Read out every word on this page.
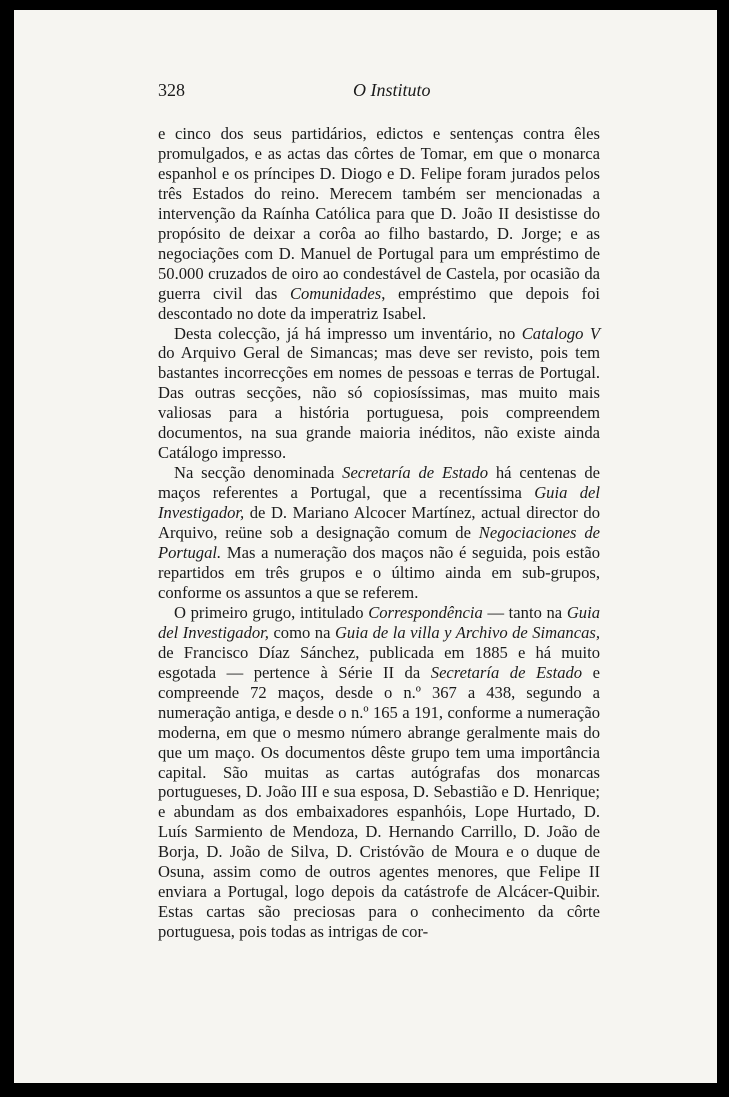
328	O Instituto

e cinco dos seus partidários, edictos e sentenças contra êles promulgados, e as actas das côrtes de Tomar, em que o monarca espanhol e os príncipes D. Diogo e D. Felipe foram jurados pelos três Estados do reino. Merecem também ser mencionadas a intervenção da Raínha Católica para que D. João II desistisse do propósito de deixar a corôa ao filho bastardo, D. Jorge; e as negociações com D. Manuel de Portugal para um empréstimo de 50.000 cruzados de oiro ao condestável de Castela, por ocasião da guerra civil das Comunidades, empréstimo que depois foi descontado no dote da imperatriz Isabel.

Desta colecção, já há impresso um inventário, no Catalogo V do Arquivo Geral de Simancas; mas deve ser revisto, pois tem bastantes incorrecções em nomes de pessoas e terras de Portugal. Das outras secções, não só copiosíssimas, mas muito mais valiosas para a história portuguesa, pois compreendem documentos, na sua grande maioria inéditos, não existe ainda Catálogo impresso.

Na secção denominada Secretaría de Estado há centenas de maços referentes a Portugal, que a recentíssima Guia del Investigador, de D. Mariano Alcocer Martínez, actual director do Arquivo, reüne sob a designação comum de Negociaciones de Portugal. Mas a numeração dos maços não é seguida, pois estão repartidos em três grupos e o último ainda em sub-grupos, conforme os assuntos a que se referem.

O primeiro grugo, intitulado Correspondência — tanto na Guia del Investigador, como na Guia de la villa y Archivo de Simancas, de Francisco Díaz Sánchez, publicada em 1885 e há muito esgotada — pertence à Série II da Secretaría de Estado e compreende 72 maços, desde o n.º 367 a 438, segundo a numeração antiga, e desde o n.º 165 a 191, conforme a numeração moderna, em que o mesmo número abrange geralmente mais do que um maço. Os documentos dêste grupo tem uma importância capital. São muitas as cartas autógrafas dos monarcas portugueses, D. João III e sua esposa, D. Sebastião e D. Henrique; e abundam as dos embaixadores espanhóis, Lope Hurtado, D. Luís Sarmiento de Mendoza, D. Hernando Carrillo, D. João de Borja, D. João de Silva, D. Cristóvão de Moura e o duque de Osuna, assim como de outros agentes menores, que Felipe II enviara a Portugal, logo depois da catástrofe de Alcácer-Quibir. Estas cartas são preciosas para o conhecimento da côrte portuguesa, pois todas as intrigas de cor-
